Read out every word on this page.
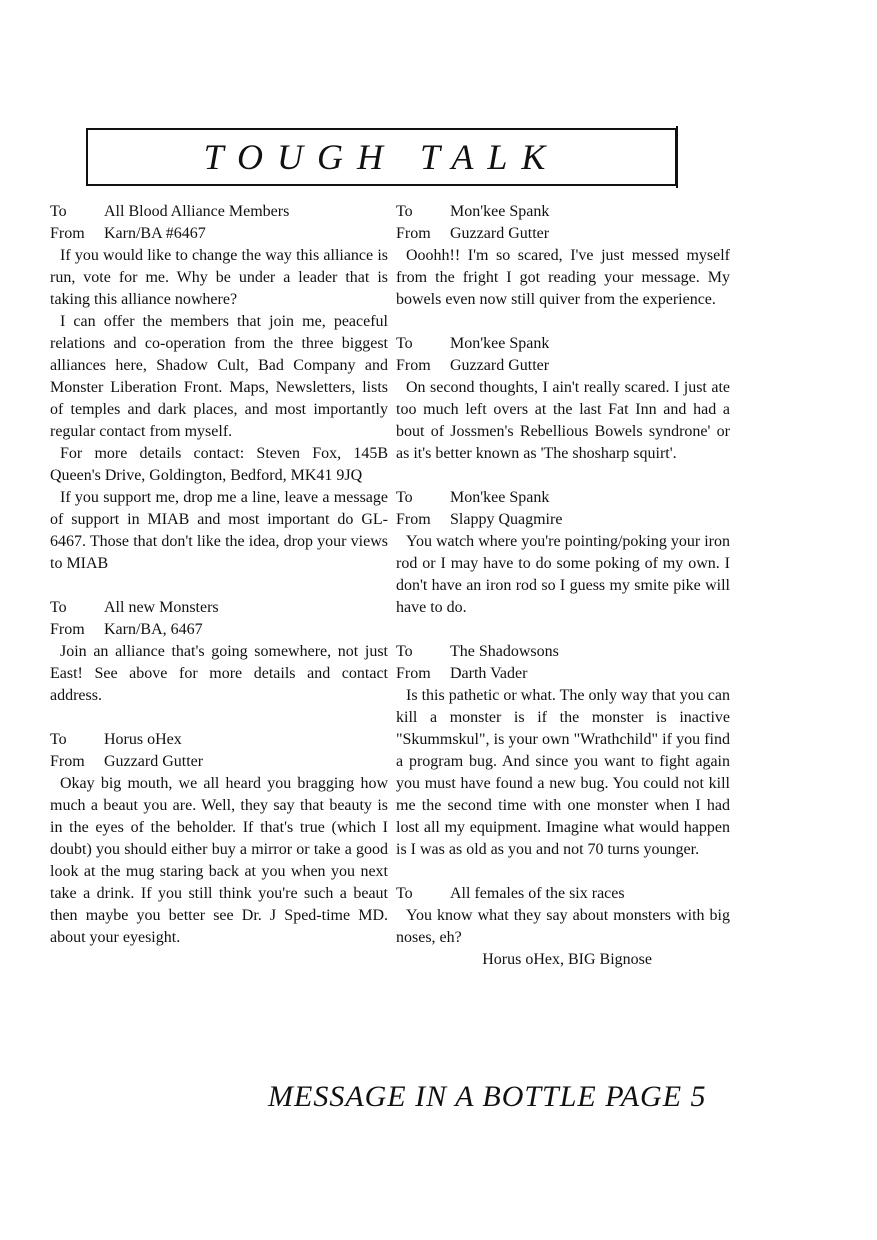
TOUGH TALK
To	All Blood Alliance Members
From	Karn/BA #6467

If you would like to change the way this alliance is run, vote for me. Why be under a leader that is taking this alliance nowhere?

I can offer the members that join me, peaceful relations and co-operation from the three biggest alliances here, Shadow Cult, Bad Company and Monster Liberation Front. Maps, Newsletters, lists of temples and dark places, and most importantly regular contact from myself.

For more details contact: Steven Fox, 145B Queen's Drive, Goldington, Bedford, MK41 9JQ

If you support me, drop me a line, leave a message of support in MIAB and most important do GL-6467. Those that don't like the idea, drop your views to MIAB

To	All new Monsters
From	Karn/BA, 6467

Join an alliance that's going somewhere, not just East! See above for more details and contact address.

To	Horus oHex
From	Guzzard Gutter

Okay big mouth, we all heard you bragging how much a beaut you are. Well, they say that beauty is in the eyes of the beholder. If that's true (which I doubt) you should either buy a mirror or take a good look at the mug staring back at you when you next take a drink. If you still think you're such a beaut then maybe you better see Dr. J Sped-time MD. about your eyesight.

To	Mon'kee Spank
From	Guzzard Gutter

Ooohh!! I'm so scared, I've just messed myself from the fright I got reading your message. My bowels even now still quiver from the experience.

To	Mon'kee Spank
From	Guzzard Gutter

On second thoughts, I ain't really scared. I just ate too much left overs at the last Fat Inn and had a bout of Jossmen's Rebellious Bowels syndrone' or as it's better known as 'The shosharp squirt'.

To	Mon'kee Spank
From	Slappy Quagmire

You watch where you're pointing/poking your iron rod or I may have to do some poking of my own. I don't have an iron rod so I guess my smite pike will have to do.

To	The Shadowsons
From	Darth Vader

Is this pathetic or what. The only way that you can kill a monster is if the monster is inactive "Skummskul", is your own "Wrathchild" if you find a program bug. And since you want to fight again you must have found a new bug. You could not kill me the second time with one monster when I had lost all my equipment. Imagine what would happen is I was as old as you and not 70 turns younger.

To	All females of the six races

You know what they say about monsters with big noses, eh?

Horus oHex, BIG Bignose
MESSAGE IN A BOTTLE PAGE 5
